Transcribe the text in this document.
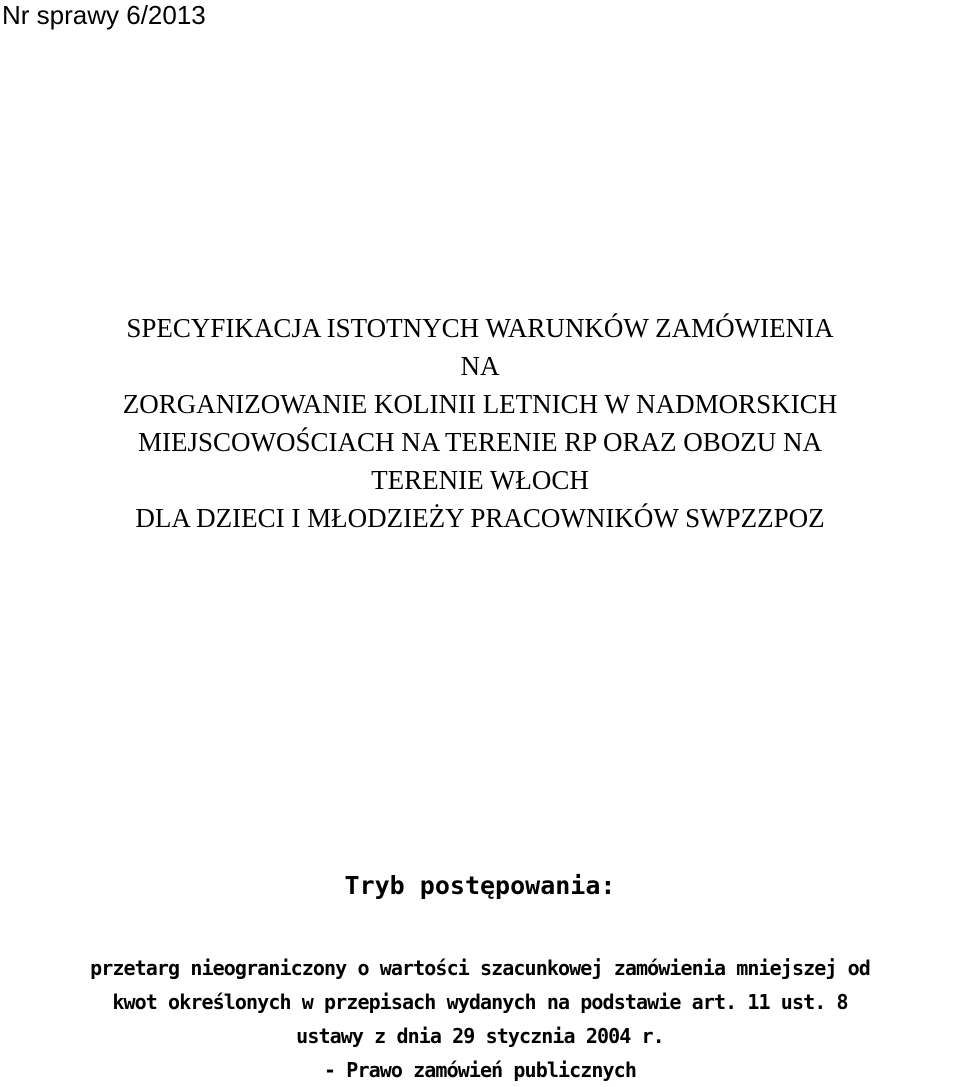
Nr sprawy 6/2013
SPECYFIKACJA ISTOTNYCH WARUNKÓW ZAMÓWIENIA
NA
ZORGANIZOWANIE KOLINII LETNICH W NADMORSKICH
MIEJSCOWOŚCIACH NA TERENIE RP ORAZ OBOZU NA
TERENIE WŁOCH
DLA DZIECI I MŁODZIEŻY PRACOWNIKÓW SWPZZPOZ
Tryb postępowania:
przetarg nieograniczony o wartości szacunkowej zamówienia mniejszej od
kwot określonych w przepisach wydanych na podstawie art. 11 ust. 8
ustawy z dnia 29 stycznia 2004 r.
- Prawo zamówień publicznych
